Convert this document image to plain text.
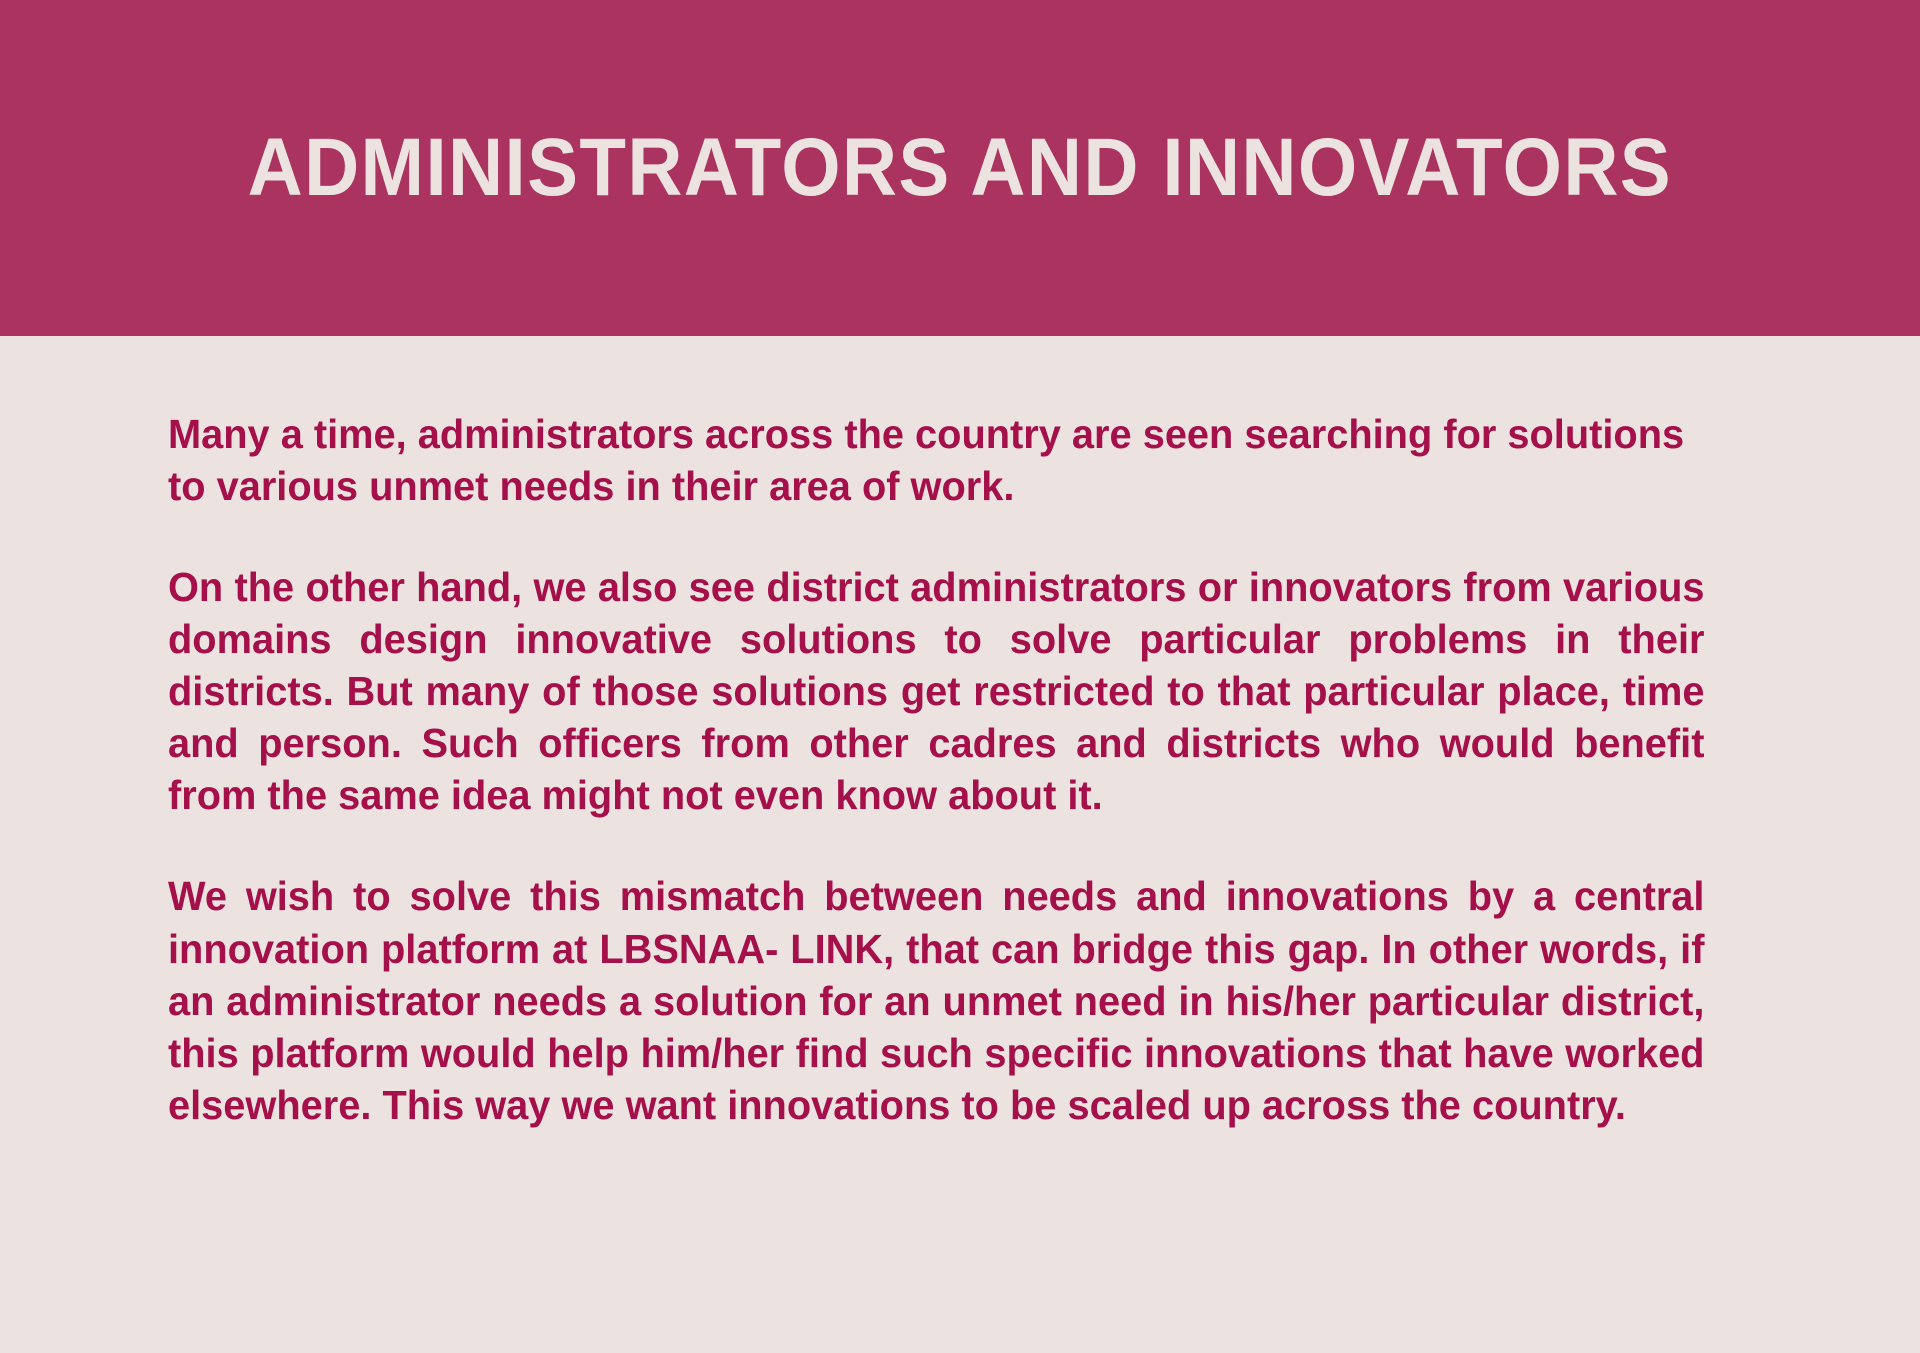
ADMINISTRATORS AND INNOVATORS

Many a time, administrators across the country are seen searching for solutions to various unmet needs in their area of work.

On the other hand, we also see district administrators or innovators from various domains design innovative solutions to solve particular problems in their districts. But many of those solutions get restricted to that particular place, time and person. Such officers from other cadres and districts who would benefit from the same idea might not even know about it.

We wish to solve this mismatch between needs and innovations by a central innovation platform at LBSNAA- LINK, that can bridge this gap. In other words, if an administrator needs a solution for an unmet need in his/her particular district, this platform would help him/her find such specific innovations that have worked elsewhere. This way we want innovations to be scaled up across the country.
